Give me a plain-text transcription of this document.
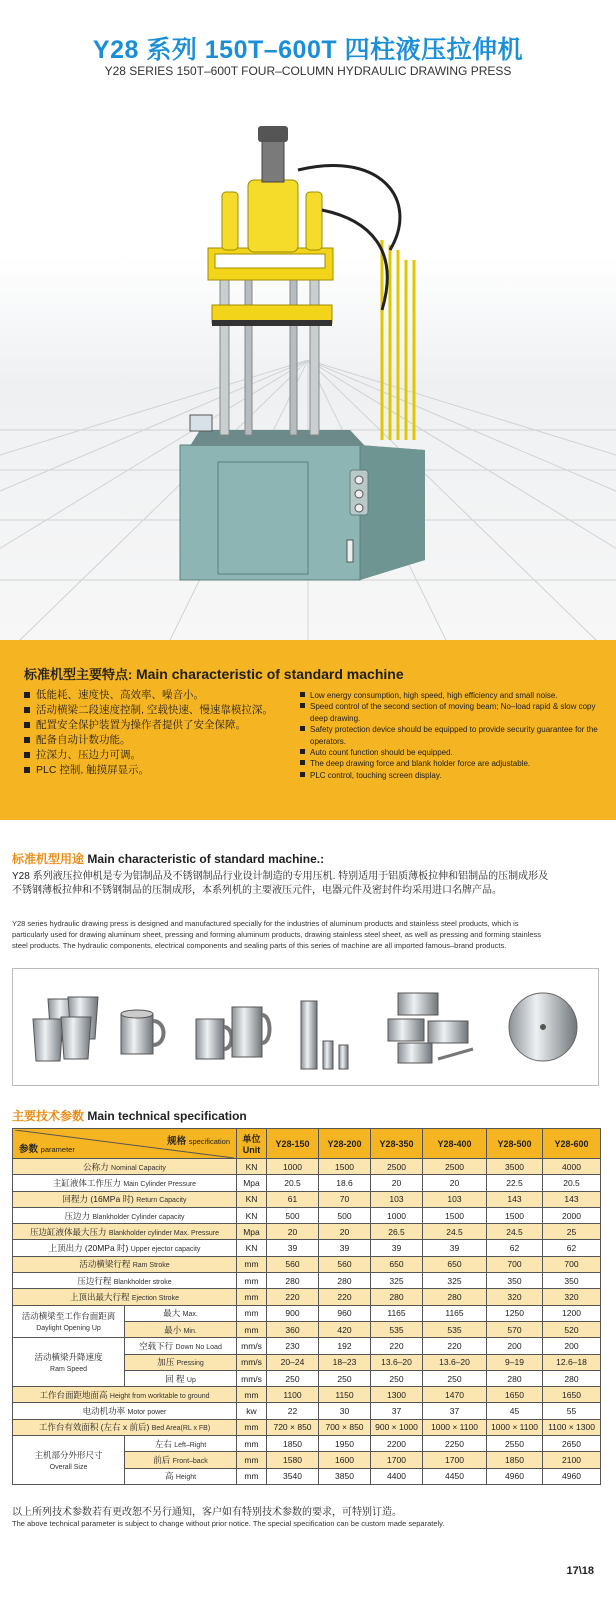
Y28 系列 150T–600T 四柱液压拉伸机
Y28 SERIES 150T–600T FOUR–COLUMN HYDRAULIC DRAWING PRESS
标准机型主要特点: Main characteristic of standard machine
低能耗、速度快、高效率、噪音小。
活动横梁二段速度控制, 空载快速、慢速靠模拉深。
配置安全保护装置为操作者提供了安全保障。
配备自动计数功能。
拉深力、压边力可调。
PLC 控制, 触摸屏显示。
Low energy consumption, high speed, high efficiency and small noise.
Speed control of the second section of moving beam; No–load rapid & slow copy deep drawing.
Safety protection device should be equipped to provide security guarantee for the operators.
Auto count function should be equipped.
The deep drawing force and blank holder force are adjustable.
PLC control, touching screen display.
标准机型用途 Main characteristic of standard machine.:
Y28 系列液压拉伸机是专为铝制品及不锈钢制品行业设计制造的专用压机. 特别适用于铝质薄板拉伸和铝制品的压制成形及不锈钢薄板拉伸和不锈钢制品的压制成形，本系列机的主要液压元件，电器元件及密封件均采用进口名牌产品。
Y28 series hydraulic drawing press is designed and manufactured specially for the industries of aluminum products and stainless steel products, which is particularly used for drawing aluminum sheet, pressing and forming aluminum products, drawing stainless steel sheet, as well as pressing and forming stainless steel products. The hydraulic components, electrical components and sealing parts of this series of machine are all imported famous–brand products.
主要技术参数 Main technical specification
规格 specification
参数 parameter		单位
Unit	Y28-150	Y28-200	Y28-350	Y28-400	Y28-500	Y28-600
公称力 Nominal Capacity		KN	1000	1500	2500	2500	3500	4000
主缸液体工作压力 Main Cylinder Pressure		Mpa	20.5	18.6	20	20	22.5	20.5
回程力 (16MPa 时) Return Capacity		KN	61	70	103	103	143	143
压边力 Blankholder Cylinder capacity		KN	500	500	1000	1500	1500	2000
压边缸液体最大压力 Blankholder cylinder Max. Pressure		Mpa	20	20	26.5	24.5	24.5	25
上顶出力 (20MPa 时) Upper ejector capacity		KN	39	39	39	39	62	62
活动横梁行程 Ram Stroke		mm	560	560	650	650	700	700
压边行程 Blankholder stroke		mm	280	280	325	325	350	350
上顶出最大行程 Ejection Stroke		mm	220	220	280	280	320	320
活动横梁至工作台面距离
Daylight Opening Up	最大 Max.	mm	900	960	1165	1165	1250	1200
	最小 Min.	mm	360	420	535	535	570	520
活动横梁升降速度
Ram Speed	空载下行 Down No Load	mm/s	230	192	220	220	200	200
	加压 Pressing	mm/s	20–24	18–23	13.6–20	13.6–20	9–19	12.6–18
	回 程 Up	mm/s	250	250	250	250	280	280
工作台面距地面高 Height from worktable to ground		mm	1100	1150	1300	1470	1650	1650
电动机功率 Motor power		kw	22	30	37	37	45	55
工作台有效面积 (左右 x 前后) Bed Area(RL x FB)		mm	720 × 850	700 × 850	900 × 1000	1000 × 1100	1000 × 1100	1100 × 1300
主机部分外形尺寸
Overall Size	左右 Left–Right	mm	1850	1950	2200	2250	2550	2650
	前后 Front–back	mm	1580	1600	1700	1700	1850	2100
	高 Height	mm	3540	3850	4400	4450	4960	4960
以上所列技术参数若有更改恕不另行通知，客户如有特别技术参数的要求，可特别订造。
The above technical parameter is subject to change without prior notice. The special specification can be custom made separately.
17\18
